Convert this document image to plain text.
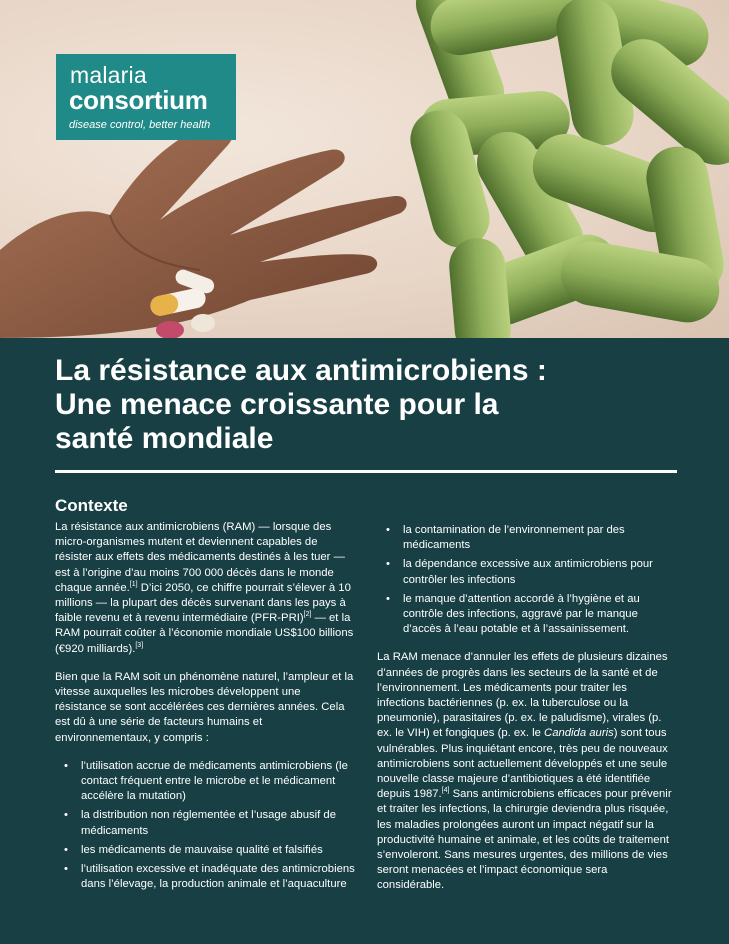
malaria
consortium
disease control, better health
La résistance aux antimicrobiens :
Une menace croissante pour la
santé mondiale
Contexte

La résistance aux antimicrobiens (RAM) — lorsque des micro-organismes mutent et deviennent capables de résister aux effets des médicaments destinés à les tuer — est à l’origine d’au moins 700 000 décès dans le monde chaque année.[1] D’ici 2050, ce chiffre pourrait s’élever à 10 millions — la plupart des décès survenant dans les pays à faible revenu et à revenu intermédiaire (PFR-PRI)[2] — et la RAM pourrait coûter à l’économie mondiale US$100 billions (€920 milliards).[3]

Bien que la RAM soit un phénomène naturel, l’ampleur et la vitesse auxquelles les microbes développent une résistance se sont accélérées ces dernières années. Cela est dû à une série de facteurs humains et environnementaux, y compris :

• l’utilisation accrue de médicaments antimicrobiens (le contact fréquent entre le microbe et le médicament accélère la mutation)
• la distribution non réglementée et l’usage abusif de médicaments
• les médicaments de mauvaise qualité et falsifiés
• l’utilisation excessive et inadéquate des antimicrobiens dans l’élevage, la production animale et l’aquaculture
• la contamination de l’environnement par des médicaments
• la dépendance excessive aux antimicrobiens pour contrôler les infections
• le manque d’attention accordé à l’hygiène et au contrôle des infections, aggravé par le manque d’accès à l’eau potable et à l’assainissement.

La RAM menace d’annuler les effets de plusieurs dizaines d’années de progrès dans les secteurs de la santé et de l’environnement. Les médicaments pour traiter les infections bactériennes (p. ex. la tuberculose ou la pneumonie), parasitaires (p. ex. le paludisme), virales (p. ex. le VIH) et fongiques (p. ex. le Candida auris) sont tous vulnérables. Plus inquiétant encore, très peu de nouveaux antimicrobiens sont actuellement développés et une seule nouvelle classe majeure d’antibiotiques a été identifiée depuis 1987.[4] Sans antimicrobiens efficaces pour prévenir et traiter les infections, la chirurgie deviendra plus risquée, les maladies prolongées auront un impact négatif sur la productivité humaine et animale, et les coûts de traitement s’envoleront. Sans mesures urgentes, des millions de vies seront menacées et l’impact économique sera considérable.
